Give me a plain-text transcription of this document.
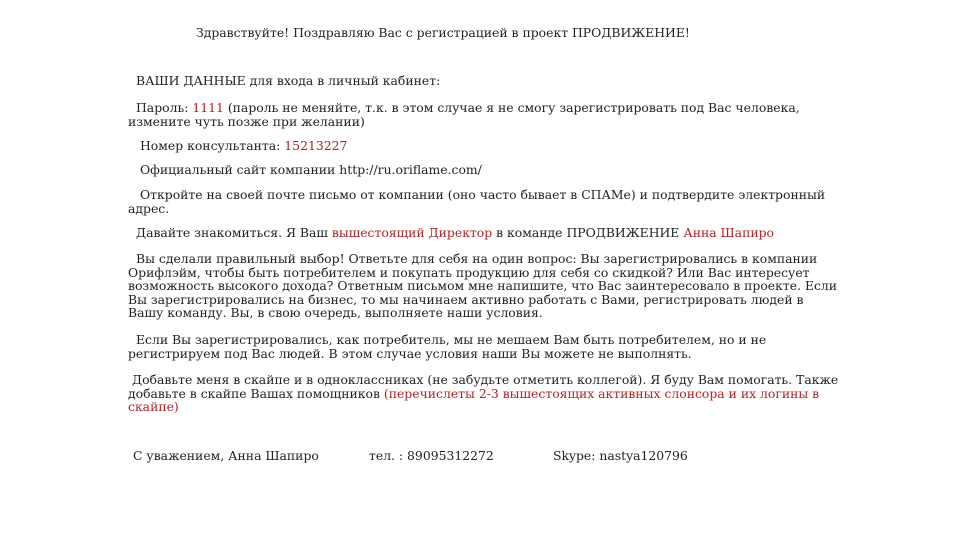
Здравствуйте! Поздравляю Вас с регистрацией в проект ПРОДВИЖЕНИЕ!

ВАШИ ДАННЫЕ для входа в личный кабинет:

Пароль: 1111 (пароль не меняйте, т.к. в этом случае я не смогу зарегистрировать под Вас человека, измените чуть позже при желании)

Номер консультанта: 15213227

Официальный сайт компании http://ru.oriflame.com/

Откройте на своей почте письмо от компании (оно часто бывает в СПАМе) и подтвердите электронный адрес.

Давайте знакомиться. Я Ваш вышестоящий Директор в команде ПРОДВИЖЕНИЕ Анна Шапиро

Вы сделали правильный выбор! Ответьте для себя на один вопрос: Вы зарегистрировались в компании Орифлэйм, чтобы быть потребителем и покупать продукцию для себя со скидкой? Или Вас интересует возможность высокого дохода? Ответным письмом мне напишите, что Вас заинтересовало в проекте. Если Вы зарегистрировались на бизнес, то мы начинаем активно работать с Вами, регистрировать людей в Вашу команду. Вы, в свою очередь, выполняете наши условия.

Если Вы зарегистрировались, как потребитель, мы не мешаем Вам быть потребителем, но и не регистрируем под Вас людей. В этом случае условия наши Вы можете не выполнять.

Добавьте меня в скайпе и в одноклассниках (не забудьте отметить коллегой). Я буду Вам помогать. Также добавьте в скайпе Вашах помощников (перечислеты 2-3 вышестоящих активных слонсора и их логины в скайпе)

С уважением, Анна Шапиро	тел. : 89095312272	Skype: nastya120796
